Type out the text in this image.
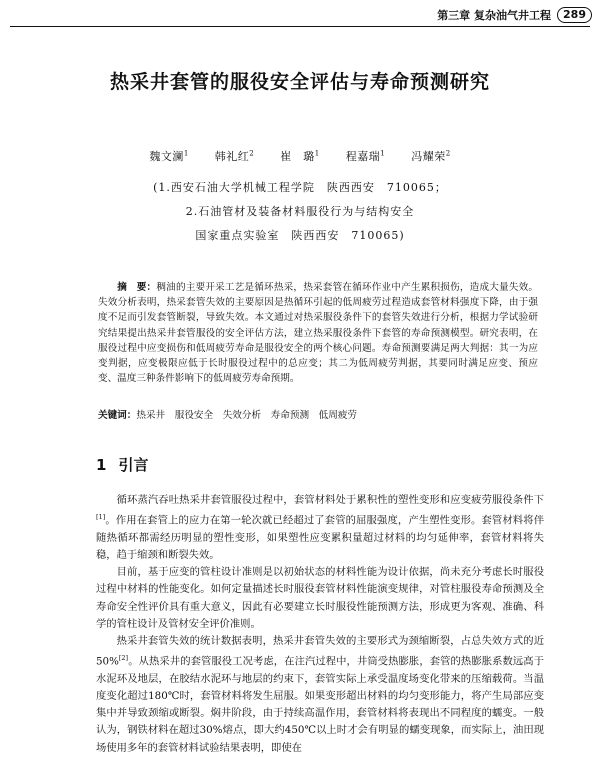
第三章 复杂油气井工程	289
热采井套管的服役安全评估与寿命预测研究
魏文澜$^1$ 韩礼红$^2$ 崔　璐$^1$ 程嘉瑞$^1$ 冯耀荣$^2$
(1.西安石油大学机械工程学院　陕西西安　710065；
2.石油管材及装备材料服役行为与结构安全
国家重点实验室　陕西西安　710065)
摘　要：稠油的主要开采工艺是循环热采，热采套管在循环作业中产生累积损伤，造成大量失效。失效分析表明，热采套管失效的主要原因是热循环引起的低周疲劳过程造成套管材料强度下降，由于强度不足而引发套管断裂，导致失效。本文通过对热采服役条件下的套管失效进行分析，根据力学试验研究结果提出热采井套管服役的安全评估方法，建立热采服役条件下套管的寿命预测模型。研究表明，在服役过程中应变损伤和低周疲劳寿命是服役安全的两个核心问题。寿命预测要满足两大判据：其一为应变判据，应变极限应低于长时服役过程中的总应变；其二为低周疲劳判据，其要同时满足应变、预应变、温度三种条件影响下的低周疲劳寿命预期。
关键词：热采井　服役安全　失效分析　寿命预测　低周疲劳
1 引言

循环蒸汽吞吐热采井套管服役过程中，套管材料处于累积性的塑性变形和应变疲劳服役条件下[1]。作用在套管上的应力在第一轮次就已经超过了套管的屈服强度，产生塑性变形。套管材料将伴随热循环都需经历明显的塑性变形，如果塑性应变累积量超过材料的均匀延伸率，套管材料将失稳，趋于缩颈和断裂失效。

目前，基于应变的管柱设计准则是以初始状态的材料性能为设计依据，尚未充分考虑长时服役过程中材料的性能变化。如何定量描述长时服役套管材料性能演变规律，对管柱服役寿命预测及全寿命安全性评价具有重大意义，因此有必要建立长时服役性能预测方法，形成更为客观、准确、科学的管柱设计及管材安全评价准则。

热采井套管失效的统计数据表明，热采井套管失效的主要形式为颈缩断裂，占总失效方式的近50%[2]。从热采井的套管服役工况考虑，在注汽过程中，井筒受热膨胀，套管的热膨胀系数远高于水泥环及地层，在胶结水泥环与地层的约束下，套管实际上承受温度场变化带来的压缩载荷。当温度变化超过180℃时，套管材料将发生屈服。如果变形超出材料的均匀变形能力，将产生局部应变集中并导致颈缩或断裂。焖井阶段，由于持续高温作用，套管材料将表现出不同程度的蠕变。一般认为，钢铁材料在超过30%熔点，即大约450℃以上时才会有明显的蠕变现象，而实际上，油田现场使用多年的套管材料试验结果表明，即使在
